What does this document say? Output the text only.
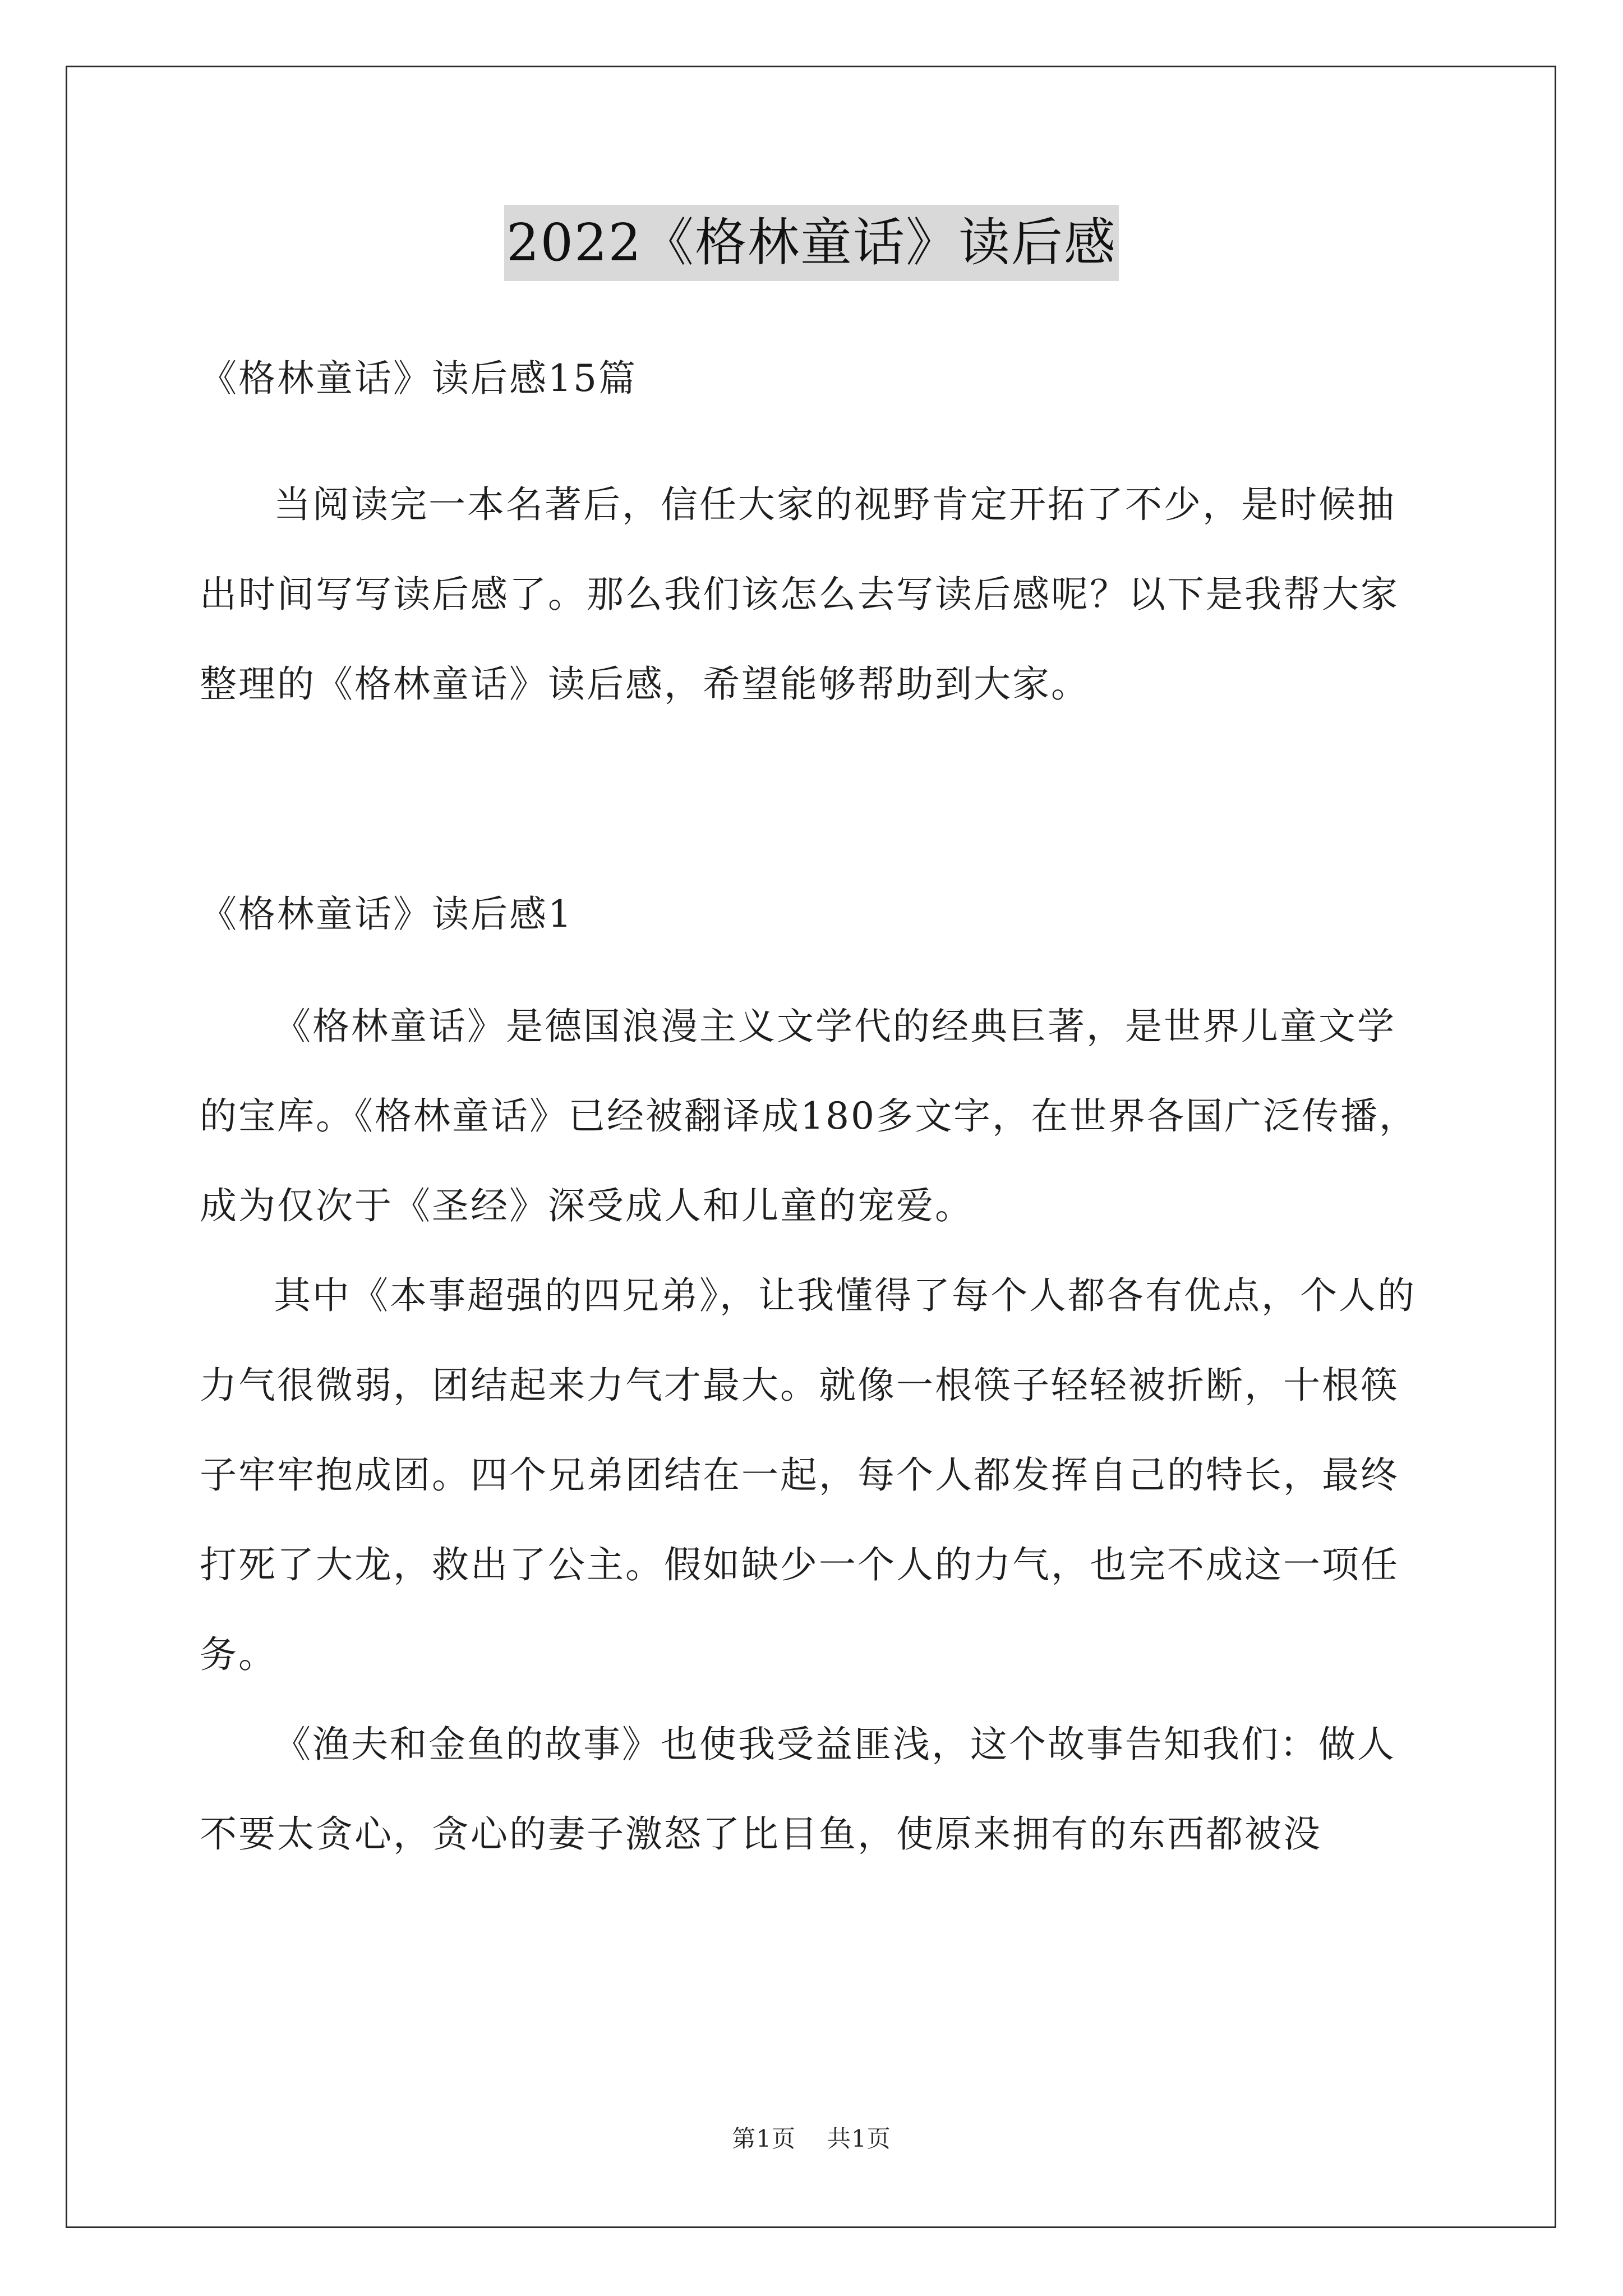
2022《格林童话》读后感
《格林童话》读后感15篇

当阅读完一本名著后，信任大家的视野肯定开拓了不少，是时候抽出时间写写读后感了。那么我们该怎么去写读后感呢？以下是我帮大家整理的《格林童话》读后感，希望能够帮助到大家。

《格林童话》读后感1

《格林童话》是德国浪漫主义文学代的经典巨著，是世界儿童文学的宝库。《格林童话》已经被翻译成180多文字，在世界各国广泛传播，成为仅次于《圣经》深受成人和儿童的宠爱。

其中《本事超强的四兄弟》，让我懂得了每个人都各有优点，个人的力气很微弱，团结起来力气才最大。就像一根筷子轻轻被折断，十根筷子牢牢抱成团。四个兄弟团结在一起，每个人都发挥自己的特长，最终打死了大龙，救出了公主。假如缺少一个人的力气，也完不成这一项任务。

《渔夫和金鱼的故事》也使我受益匪浅，这个故事告知我们：做人不要太贪心，贪心的妻子激怒了比目鱼，使原来拥有的东西都被没

第1页 共1页
